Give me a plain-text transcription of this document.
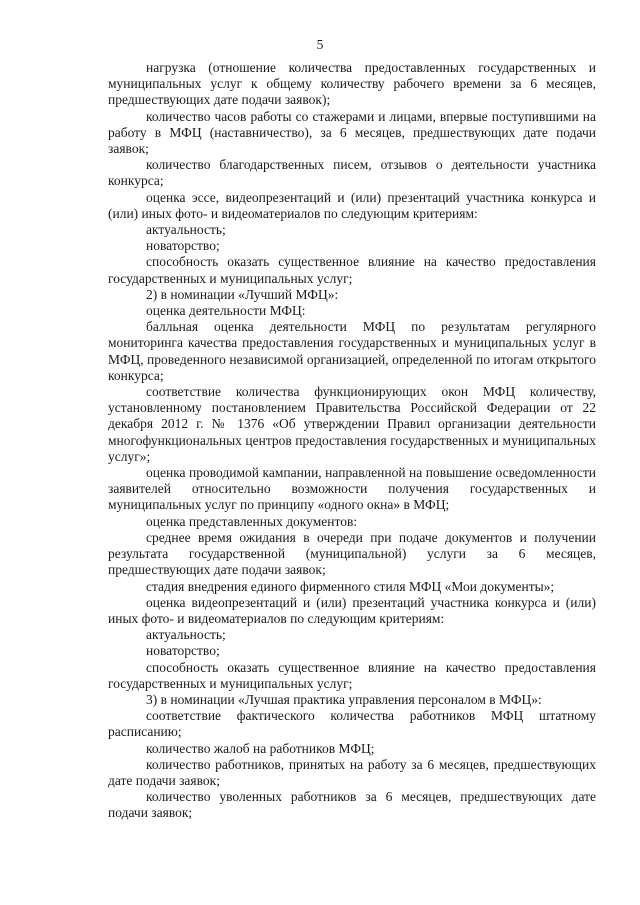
5

нагрузка (отношение количества предоставленных государственных и муниципальных услуг к общему количеству рабочего времени за 6 месяцев, предшествующих дате подачи заявок);

количество часов работы со стажерами и лицами, впервые поступившими на работу в МФЦ (наставничество), за 6 месяцев, предшествующих дате подачи заявок;

количество благодарственных писем, отзывов о деятельности участника конкурса;

оценка эссе, видеопрезентаций и (или) презентаций участника конкурса и (или) иных фото- и видеоматериалов по следующим критериям:

актуальность;

новаторство;

способность оказать существенное влияние на качество предоставления государственных и муниципальных услуг;

2) в номинации «Лучший МФЦ»:

оценка деятельности МФЦ:

балльная оценка деятельности МФЦ по результатам регулярного мониторинга качества предоставления государственных и муниципальных услуг в МФЦ, проведенного независимой организацией, определенной по итогам открытого конкурса;

соответствие количества функционирующих окон МФЦ количеству, установленному постановлением Правительства Российской Федерации от 22 декабря 2012 г. № 1376 «Об утверждении Правил организации деятельности многофункциональных центров предоставления государственных и муниципальных услуг»;

оценка проводимой кампании, направленной на повышение осведомленности заявителей относительно возможности получения государственных и муниципальных услуг по принципу «одного окна» в МФЦ;

оценка представленных документов:

среднее время ожидания в очереди при подаче документов и получении результата государственной (муниципальной) услуги за 6 месяцев, предшествующих дате подачи заявок;

стадия внедрения единого фирменного стиля МФЦ «Мои документы»;

оценка видеопрезентаций и (или) презентаций участника конкурса и (или) иных фото- и видеоматериалов по следующим критериям:

актуальность;

новаторство;

способность оказать существенное влияние на качество предоставления государственных и муниципальных услуг;

3) в номинации «Лучшая практика управления персоналом в МФЦ»:

соответствие фактического количества работников МФЦ штатному расписанию;

количество жалоб на работников МФЦ;

количество работников, принятых на работу за 6 месяцев, предшествующих дате подачи заявок;

количество уволенных работников за 6 месяцев, предшествующих дате подачи заявок;
